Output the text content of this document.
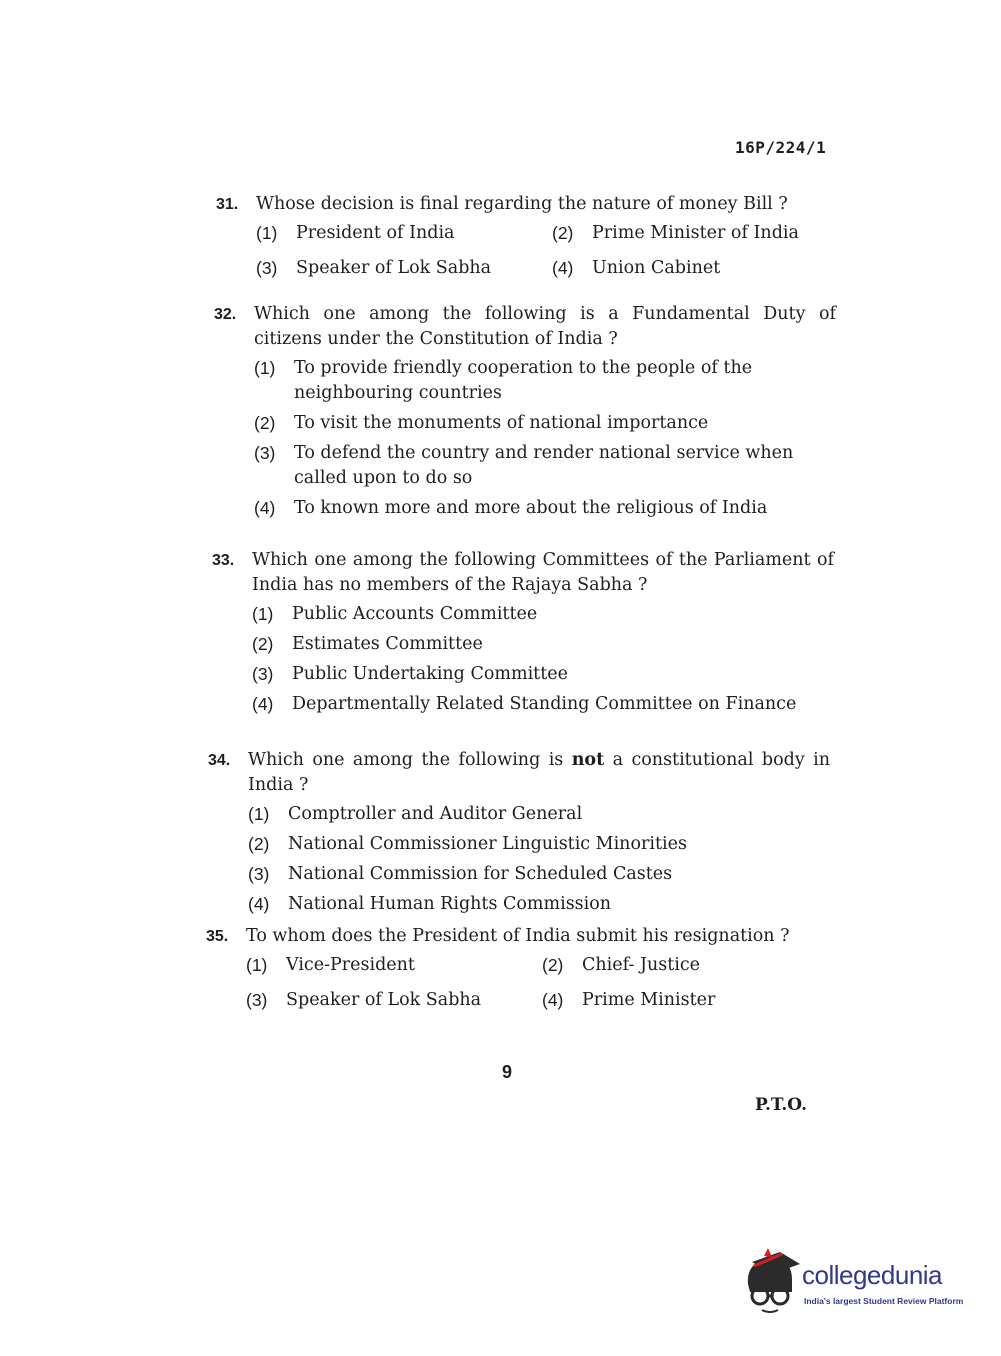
16P/224/1
31. Whose decision is final regarding the nature of money Bill ?
(1)	President of India	(2)	Prime Minister of India
(3)	Speaker of Lok Sabha	(4)	Union Cabinet
32. Which one among the following is a Fundamental Duty of citizens under the Constitution of India ?
(1)	To provide friendly cooperation to the people of the neighbouring countries
(2)	To visit the monuments of national importance
(3)	To defend the country and render national service when called upon to do so
(4)	To known more and more about the religious of India
33. Which one among the following Committees of the Parliament of India has no members of the Rajaya Sabha ?
(1)	Public Accounts Committee
(2)	Estimates Committee
(3)	Public Undertaking Committee
(4)	Departmentally Related Standing Committee on Finance
34. Which one among the following is not a constitutional body in India ?
(1)	Comptroller and Auditor General
(2)	National Commissioner Linguistic Minorities
(3)	National Commission for Scheduled Castes
(4)	National Human Rights Commission
35. To whom does the President of India submit his resignation ?
(1)	Vice-President	(2)	Chief- Justice
(3)	Speaker of Lok Sabha	(4)	Prime Minister
9
P.T.O.
collegedunia
India's largest Student Review Platform
